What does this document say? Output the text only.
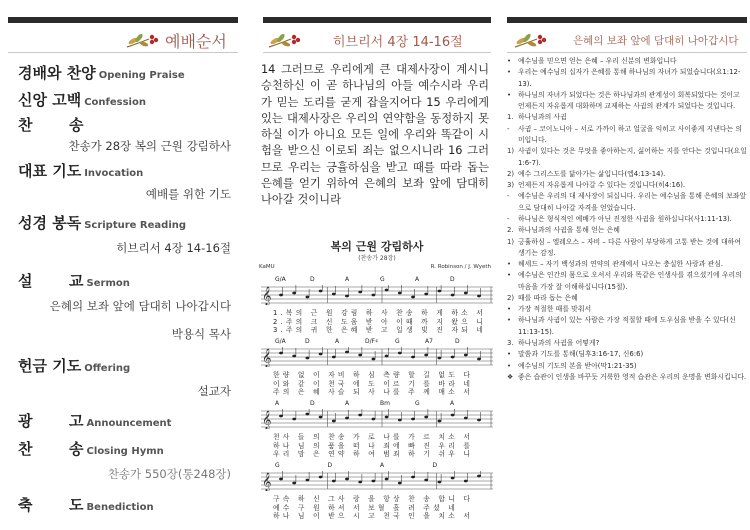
예배순서
경배와 찬양 Opening Praise
신앙 고백 Confession
찬       송
찬송가 28장 복의 근원 강림하사
대표 기도 Invocation
예배를 위한 기도
성경 봉독 Scripture Reading
히브리서 4장 14-16절
설       교 Sermon
은혜의 보좌 앞에 담대히 나아갑시다
박용식 목사
헌금 기도 Offering
설교자
광       고 Announcement
찬       송 Closing Hymn
찬송가 550장(통248장)
축       도 Benediction
히브리서 4장 14-16절
14 그러므로 우리에게 큰 대제사장이 계시니 승천하신 이 곧 하나님의 아들 예수시라 우리가 믿는 도리를 굳게 잡을지어다 15 우리에게 있는 대제사장은 우리의 연약함을 동정하지 못하실 이가 아니요 모든 일에 우리와 똑같이 시험을 받으신 이로되 죄는 없으시니라 16 그러므로 우리는 긍휼하심을 받고 때를 따라 돕는 은혜를 얻기 위하여 은혜의 보좌 앞에 담대히 나아갈 것이니라
복의 근원 강림하사
(찬송가 28장)
KaMU	R. Robinson / J. Wyeth
G/A	D	A	G	A	D
𝄞
1.복의 근 원 강림 하 사 찬송 하 게 하소 서
2.주의 크 신 도움 받 아 이때 까 지 왔으 니
3.주의 귀 한 은혜 받 고 일생 빚 진 자되 네
G/A	D	A	D/F♯	G	A7	D
𝄞
한량 없 이 자비 하 심 측량 할 길 없도 다
이와 같 이 천국 에 도 이르 기 를 바라 네
주의 은 혜 사슬 되 사 나를 주 께 매소 서
A	D	A	Bm	G	A
𝄞
천사 들 의 찬송 가 로 나를 가 르 치소 서
하나 님 의 품을 떠 나 죄에 빠 진 우리 를
우리 맘 은 연약 하 여 범죄 하 기 쉬우 니
G	D	A	D
𝄞
구속 하 신 그사 랑 을 항상 찬 송 합니 다
예수 구 원 하셔 서 보혈 흘 려 주셨 네
하나 님 이 받으 시 고 천국 인 을 치소 서
은혜의 보좌 앞에 담대히 나아갑시다
•	예수님을 믿으면 얻는 은혜 – 우리 신분의 변화입니다
•	우리는 예수님의 십자가 은혜를 통해 하나님의 자녀가 되었습니다(요1:12-13).
•	하나님의 자녀가 되었다는 것은 하나님과의 관계성이 회복되었다는 것이고 언제든지 자유롭게 대화하며 교제하는 사귐의 관계가 되었다는 것입니다.
1. 하나님과의 사귐
-	사귐 – 코이노니아 – 서로 가까이 하고 얼굴을 익히고 사이좋게 지낸다는 의미입니다.
1) 사귐이 있다는 것은 무엇을 좋아하는지, 싫어하는 지를 안다는 것입니다(요일1:6-7).
2) 예수 그리스도를 닮아가는 삶입니다(엡4:13-14).
3) 언제든지 자유롭게 나아갈 수 있다는 것입니다(히4:16).
-	예수님은 우리의 대 제사장이 되십니다. 우리는 예수님을 통해 은혜의 보좌앞으로 담대히 나아갈 자격을 얻었습니다.
-	하나님은 형식적인 예배가 아닌 진정한 사귐을 원하십니다(사1:11-13).
2. 하나님과의 사귐을 통해 얻는 은혜
1) 긍휼하심 – 엘레오스 – 자비 – 다른 사람이 부당하게 고통 받는 것에 대하여 생기는 감정.
•	헤세드 – 자기 백성과의 연약의 관계에서 나오는 충실한 사랑과 관심.
•	예수님은 인간의 몸으로 오셔서 우리와 똑같은 인생사를 겪으셨기에 우리의 마음을 가장 잘 이해하십니다(15절).
2) 때를 따라 돕는 은혜
•	가장 적절한 때를 맞춰서
•	하나님과 사귐이 있는 사람은 가장 적절할 때에 도우심을 받을 수 있다(신11:13-15).
3. 하나님과의 사귐을 어떻게?
•	말씀과 기도를 통해(딤후3:16-17, 신6:6)
•	예수님의 기도의 본을 받아(막1:21-35)
❖ 좋은 습관이 인생을 바꾸듯 거룩한 영적 습관은 우리의 운명을 변화시킵니다.
